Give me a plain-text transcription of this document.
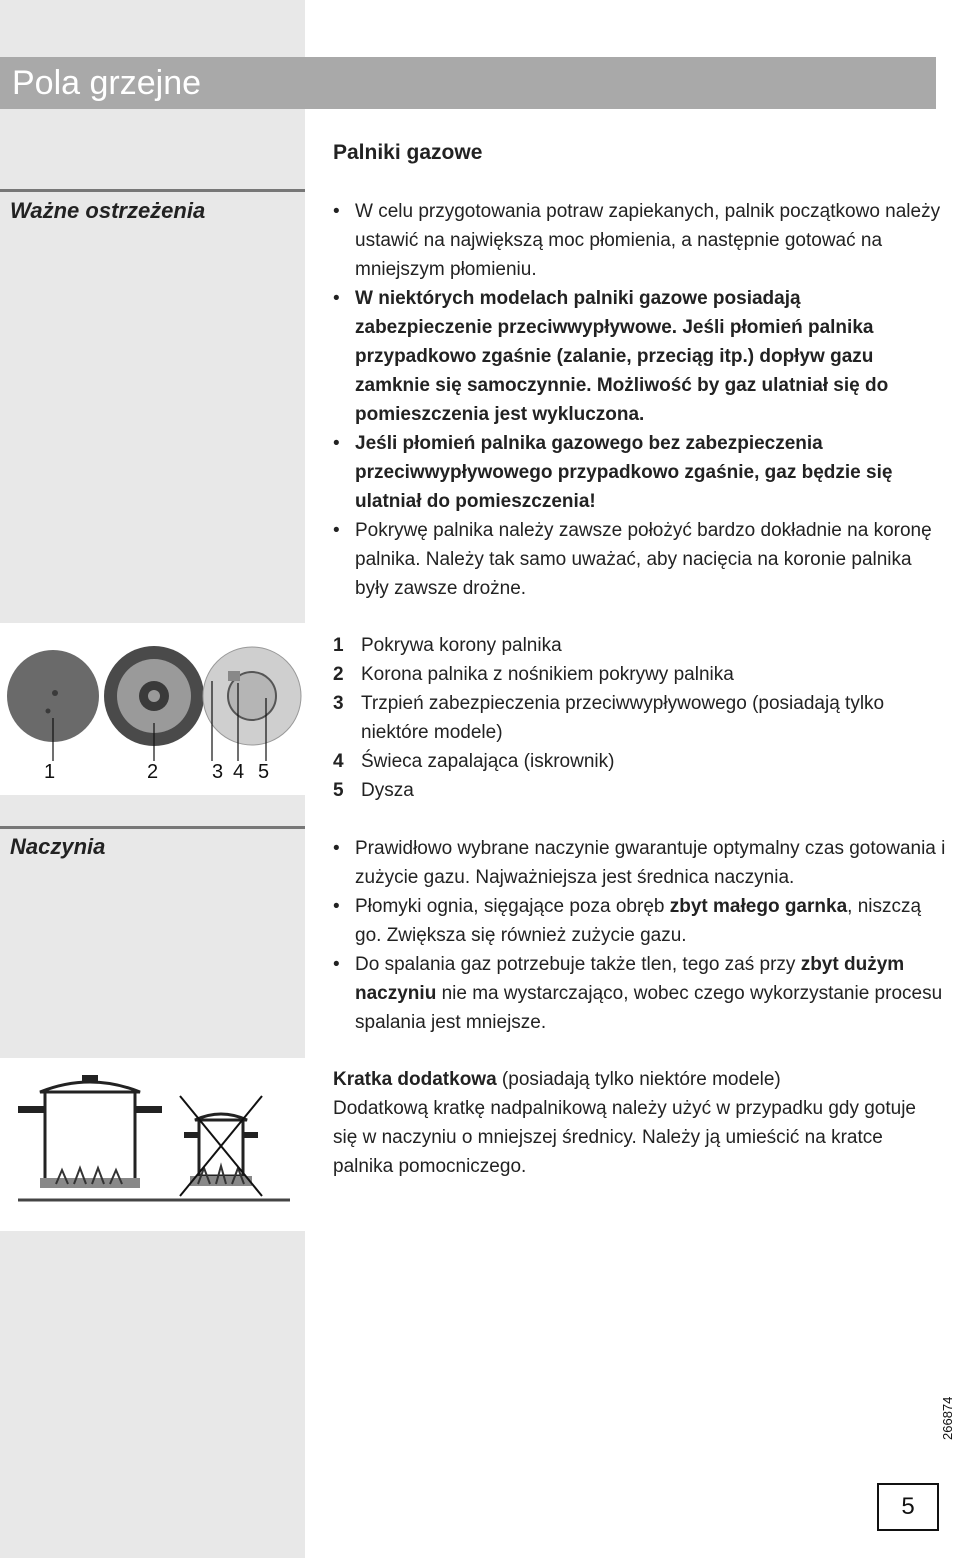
Pola grzejne
Palniki gazowe
Ważne ostrzeżenia	• W celu przygotowania potraw zapiekanych, palnik początkowo należy ustawić na największą moc płomienia, a następnie gotować na mniejszym płomieniu.
• W niektórych modelach palniki gazowe posiadają zabezpieczenie przeciwwypływowe. Jeśli płomień palnika przypadkowo zgaśnie (zalanie, przeciąg itp.) dopływ gazu zamknie się samoczynnie. Możliwość by gaz ulatniał się do pomieszczenia jest wykluczona.
• Jeśli płomień palnika gazowego bez zabezpieczenia przeciwwypływowego przypadkowo zgaśnie, gaz będzie się ulatniał do pomieszczenia!
• Pokrywę palnika należy zawsze położyć bardzo dokładnie na koronę palnika. Należy tak samo uważać, aby nacięcia na koronie palnika były zawsze drożne.
1	2	3 4 5
1 Pokrywa korony palnika
2 Korona palnika z nośnikiem pokrywy palnika
3 Trzpień zabezpieczenia przeciwwypływowego (posiadają tylko niektóre modele)
4 Świeca zapalająca (iskrownik)
5 Dysza
Naczynia	• Prawidłowo wybrane naczynie gwarantuje optymalny czas gotowania i zużycie gazu. Najważniejsza jest średnica naczynia.
• Płomyki ognia, sięgające poza obręb zbyt małego garnka, niszczą go. Zwiększa się również zużycie gazu.
• Do spalania gaz potrzebuje także tlen, tego zaś przy zbyt dużym naczyniu nie ma wystarczająco, wobec czego wykorzystanie procesu spalania jest mniejsze.
Kratka dodatkowa (posiadają tylko niektóre modele)
Dodatkową kratkę nadpalnikową należy użyć w przypadku gdy gotuje się w naczyniu o mniejszej średnicy. Należy ją umieścić na kratce palnika pomocniczego.
266874
5
